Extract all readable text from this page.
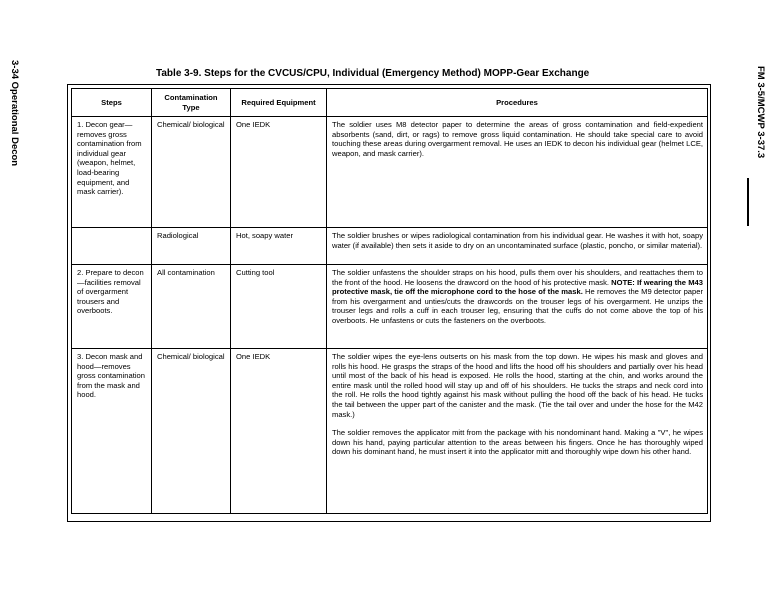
3-34 Operational Decon	FM 3-5/MCWP 3-37.3
Table 3-9. Steps for the CVCUS/CPU, Individual (Emergency Method) MOPP-Gear Exchange
Steps	Contamination Type	Required Equipment	Procedures
1. Decon gear—removes gross contamination from individual gear (weapon, helmet, load-bearing equipment, and mask carrier).	Chemical/ biological	One IEDK	The soldier uses M8 detector paper to determine the areas of gross contamination and field-expedient absorbents (sand, dirt, or rags) to remove gross liquid contamination. He should take special care to avoid touching these areas during overgarment removal. He uses an IEDK to decon his individual gear (helmet LCE, weapon, and mask carrier).

	Radiological	Hot, soapy water	The soldier brushes or wipes radiological contamination from his individual gear. He washes it with hot, soapy water (if available) then sets it aside to dry on an uncontaminated surface (plastic, poncho, or similar material).

2. Prepare to decon—facilities removal of overgarment trousers and overboots.	All contamination	Cutting tool	The soldier unfastens the shoulder straps on his hood, pulls them over his shoulders, and reattaches them to the front of the hood. He loosens the drawcord on the hood of his protective mask. NOTE: If wearing the M43 protective mask, tie off the microphone cord to the hose of the mask. He removes the M9 detector paper from his overgarment and unties/cuts the drawcords on the trouser legs of his overgarment. He unzips the trouser legs and rolls a cuff in each trouser leg, ensuring that the cuffs do not come above the top of his overboots. He unfastens or cuts the fasteners on the overboots.

3. Decon mask and hood—removes gross contamination from the mask and hood.	Chemical/ biological	One IEDK	The soldier wipes the eye-lens outserts on his mask from the top down. He wipes his mask and gloves and rolls his hood. He grasps the straps of the hood and lifts the hood off his shoulders and partially over his head until most of the back of his head is exposed. He rolls the hood, starting at the chin, and works around the entire mask until the rolled hood will stay up and off of his shoulders. He tucks the straps and neck cord into the roll. He rolls the hood tightly against his mask without pulling the hood off the back of his head. He tucks the tail between the upper part of the canister and the mask. (Tie the tail over and under the hose for the M42 mask.)

The soldier removes the applicator mitt from the package with his nondominant hand. Making a "V", he wipes down his hand, paying particular attention to the areas between his fingers. Once he has thoroughly wiped down his dominant hand, he must insert it into the applicator mitt and thoroughly wipe down his other hand.
